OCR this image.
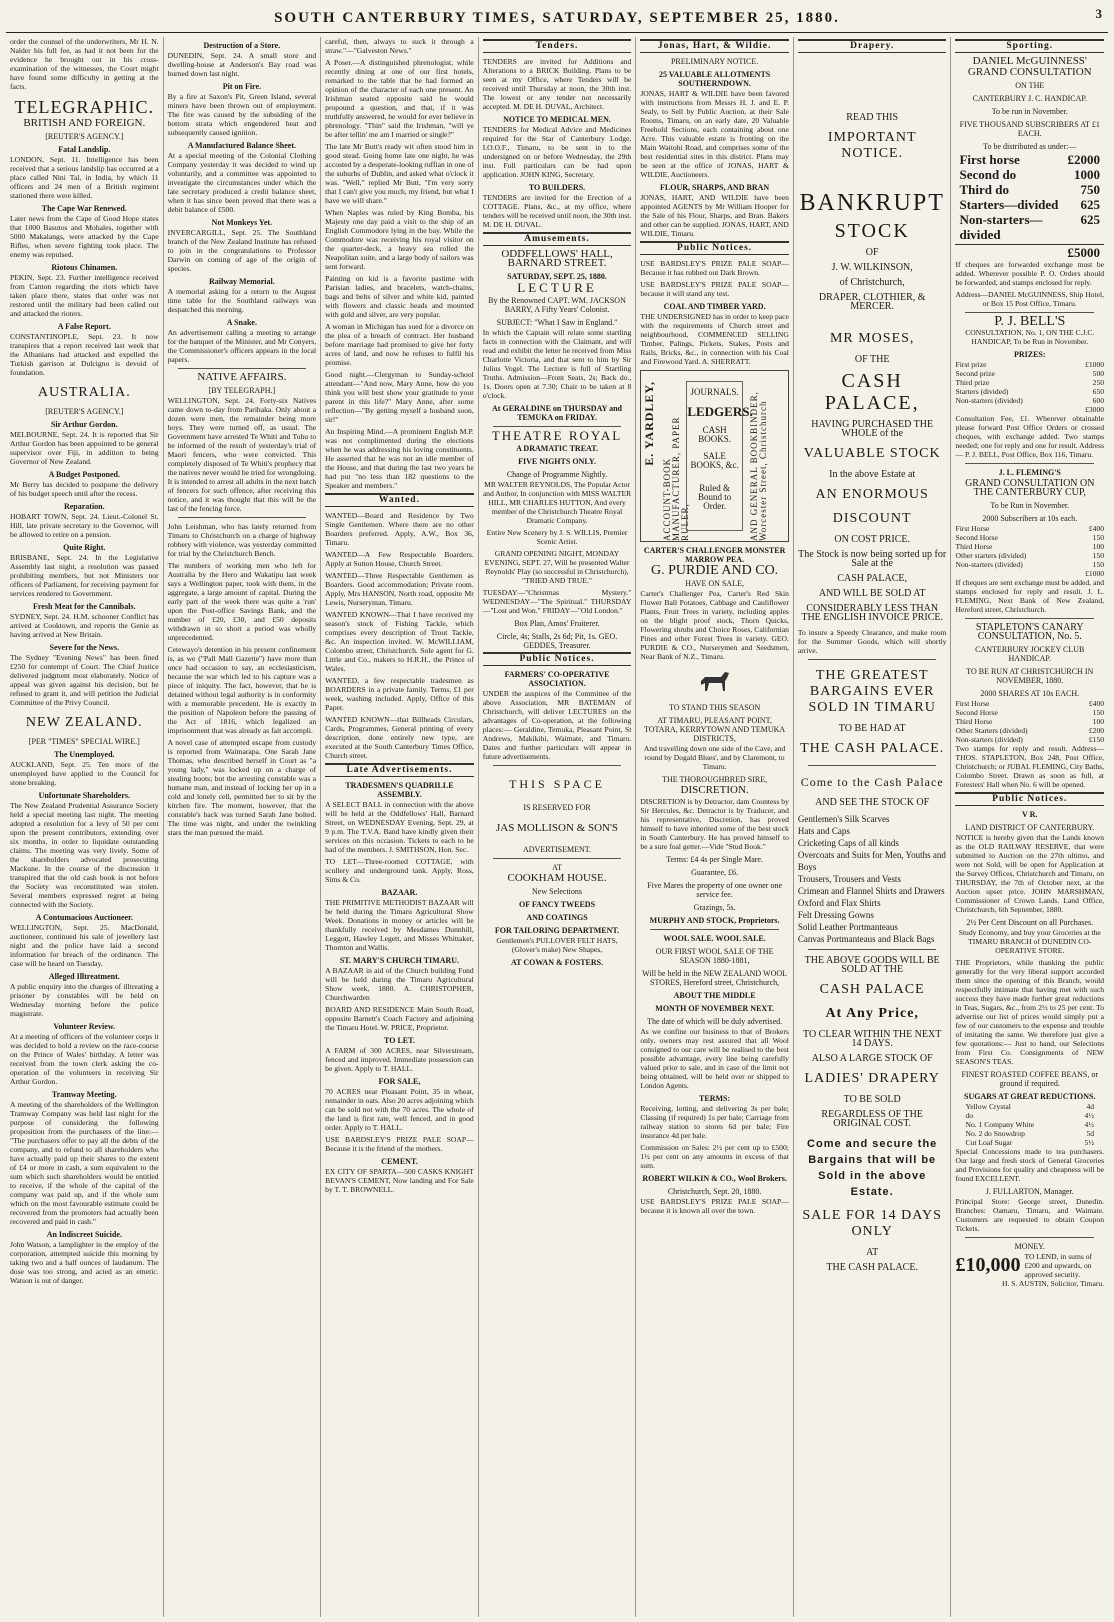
SOUTH CANTERBURY TIMES, SATURDAY, SEPTEMBER 25, 1880.	3

order the counsel of the underwriters, Mr H. N. Nalder his full fee, as had it not been for the evidence he brought out in his cross-examination of the witnesses, the Court might have found some difficulty in getting at the facts.

TELEGRAPHIC.
BRITISH AND FOREIGN.
[REUTER'S AGENCY.]
Fatal Landslip.

LONDON, Sept. 11. Intelligence has been received that a serious landslip has occurred at a place called Nini Tal, in India, by which 11 officers and 24 men of a British regiment stationed there were killed.

The Cape War Renewed.

Later news from the Cape of Good Hope states that 1000 Basutos and Mohales, together with 5000 Makalangs, were attacked by the Cape Rifles, when severe fighting took place. The enemy was repulsed.

Riotous Chinamen.

PEKIN, Sept. 23. Further intelligence received from Canton regarding the riots which have taken place there, states that order was not restored until the military had been called out and attacked the rioters.

A False Report.

CONSTANTINOPLE, Sept. 23. It now transpires that a report received last week that the Albanians had attacked and expelled the Turkish garrison at Dulcigno is devoid of foundation.

AUSTRALIA.
[REUTER'S AGENCY.]
Sir Arthur Gordon.

MELBOURNE, Sept. 24. It is reported that Sir Arthur Gordon has been appointed to be general supervisor over Fiji, in addition to being Governor of New Zealand.

A Budget Postponed.

Mr Berry has decided to postpone the delivery of his budget speech until after the recess.

Reparation.

HOBART TOWN, Sept. 24. Lieut.-Colonel St. Hill, late private secretary to the Governor, will be allowed to retire on a pension.

Quite Right.

BRISBANE, Sept. 24. In the Legislative Assembly last night, a resolution was passed prohibiting members, but not Ministers nor officers of Parliament, for receiving payment for services rendered to Government.

Fresh Meat for the Cannibals.

SYDNEY, Sept. 24. H.M. schooner Conflict has arrived at Cooktown, and reports the Genie as having arrived at New Britain.

Severe for the News.

The Sydney "Evening News" has been fined £250 for contempt of Court. The Chief Justice delivered judgment most elaborately. Notice of appeal was given against his decision, but he refused to grant it, and will petition the Judicial Committee of the Privy Council.

NEW ZEALAND.
[PER "TIMES" SPECIAL WIRE.]
The Unemployed.

AUCKLAND, Sept. 25. Ten more of the unemployed have applied to the Council for stone breaking.

Unfortunate Shareholders.

The New Zealand Prudential Assurance Society held a special meeting last night. The meeting adopted a resolution for a levy of 50 per cent upon the present contributors, extending over six months, in order to liquidate outstanding claims. The meeting was very lively. Some of the shareholders advocated prosecuting Mackune. In the course of the discussion it transpired that the old cash book is not before the Society was reconstituted was stolen. Several members expressed regret at being connected with the Society.

A Contumacious Auctioneer.

WELLINGTON, Sept. 25. MacDonald, auctioneer, continued his sale of jewellery last night and the police have laid a second information for breach of the ordinance. The case will be heard on Tuesday.

Alleged Illtreatment.

A public enquiry into the charges of illtreating a prisoner by constables will be held on Wednesday morning before the police magistrate.

Volunteer Review.

At a meeting of officers of the volunteer corps it was decided to hold a review on the race-course on the Prince of Wales' birthday. A letter was received from the town clerk asking the co-operation of the volunteers in receiving Sir Arthur Gordon.

Tramway Meeting.

A meeting of the shareholders of the Wellington Tramway Company was held last night for the purpose of considering the following proposition from the purchasers of the line:— "The purchasers offer to pay all the debts of the company, and to refund to all shareholders who have actually paid up their shares to the extent of £4 or more in cash, a sum equivalent to the sum which such shareholders would be entitled to receive, if the whole of the capital of the company was paid up, and if the whole sum which on the most favourable estimate could be recovered from the promoters had actually been recovered and paid in cash."

An Indiscreet Suicide.

John Watson, a lamplighter in the employ of the corporation, attempted suicide this morning by taking two and a half ounces of laudanum. The dose was too strong, and acted as an emetic. Watson is out of danger.

Destruction of a Store.

DUNEDIN, Sept. 24. A small store and dwelling-house at Anderson's Bay road was burned down last night.

Pit on Fire.

By a fire at Saxon's Pit, Green Island, several miners have been thrown out of employment. The fire was caused by the subsiding of the bottom strata which engendered heat and subsequently caused ignition.

A Manufactured Balance Sheet.

At a special meeting of the Colonial Clothing Company yesterday it was decided to wind up voluntarily, and a committee was appointed to investigate the circumstances under which the late secretary produced a credit balance sheet, when it has since been proved that there was a debit balance of £500.

Not Monkeys Yet.

INVERCARGILL, Sept. 25. The Southland branch of the New Zealand Institute has refused to join in the congratulations to Professor Darwin on coming of age of the origin of species.

Railway Memorial.

A memorial asking for a return to the August time table for the Southland railways was despatched this morning.

A Snake.

An advertisement calling a meeting to arrange for the banquet of the Minister, and Mr Conyers, the Commissioner's officers appears in the local papers.

NATIVE AFFAIRS.
[BY TELEGRAPH.]

WELLINGTON, Sept. 24. Forty-six Natives came down to-day from Parihaka. Only about a dozen were men, the remainder being more boys. They were turned off, as usual. The Government have arrested Te Whiti and Tohu to be informed of the result of yesterday's trial of Maori fencers, who were convicted. This completely disposed of Te Whiti's prophecy that the natives never would be tried for wrongdoing. It is intended to arrest all adults in the next batch of fencers for such offence, after receiving this notice, and it was thought that this will be the last of the fencing force.

John Leishman, who has lately returned from Timaru to Christchurch on a charge of highway robbery with violence, was yesterday committed for trial by the Christchurch Bench.

The numbers of working men who left for Australia by the Hero and Wakatipu last week says a Wellington paper, took with them, in the aggregate, a large amount of capital. During the early part of the week there was quite a 'run' upon the Post-office Savings Bank, and the number of £20, £30, and £50 deposits withdrawn in so short a period was wholly unprecedented.

Cetewayo's detention in his present confinement is, as we ("Pall Mall Gazette") have more than once had occasion to say, an ecclesiasticism, because the war which led to his capture was a piece of iniquity. The fact, however, that he is detained without legal authority is in conformity with a memorable precedent. He is exactly in the position of Napoleon before the passing of the Act of 1816, which legalized an imprisonment that was already as fait accompli.

A novel case of attempted escape from custody is reported from Waimarapa. One Sarah Jane Thomas, who described herself in Court as "a young lady," was locked up on a charge of stealing boots; but the arresting constable was a humane man, and instead of locking her up in a cold and lonely cell, permitted her to sit by the kitchen fire. The moment, however, that the constable's back was turned Sarah Jane bolted. The time was night, and under the twinkling stars the man pursued the maid.

careful, then, always to suck it through a straw."—"Galveston News."

A Poser.—A distinguished phrenologist, while recently dining at one of our first hotels, remarked to the table that he had formed an opinion of the character of each one present. An Irishman seated opposite said he would propound a question, and that, if it was truthfully answered, he would for ever believe in phrenology. "Thin" said the Irishman, "will ye be after tellin' me am I married or single?"

The late Mr Butt's ready wit often stood him in good stead. Going home late one night, he was accosted by a desperate-looking ruffian in one of the suburbs of Dublin, and asked what o'clock it was. "Well," replied Mr Butt, "I'm very sorry that I can't give you much, my friend, but what I have we will share."

When Naples was ruled by King Bomba, his Majesty one day paid a visit to the ship of an English Commodore lying in the bay. While the Commodore was receiving his royal visitor on the quarter-deck, a heavy sea rolled the Neapolitan suite, and a large body of sailors was sent forward.

Painting on kid is a favorite pastime with Parisian ladies, and bracelets, watch-chains, bags and belts of silver and white kid, painted with flowers and classic heads and mounted with gold and silver, are very popular.

A woman in Michigan has sued for a divorce on the plea of a breach of contract. Her husband before marriage had promised to give her forty acres of land, and now he refuses to fulfil his promise.

Good night.—Clergyman to Sunday-school attendant—"And now, Mary Anne, how do you think you will best show your gratitude to your parent in this life?" Mary Anne, after some reflection—"By getting myself a husband soon, sir!"

An Inspiring Mind.—A prominent English M.P. was not complimented during the elections when he was addressing his loving constituents. He asserted that he was not an idle member of the House, and that during the last two years he had put "no less than 182 questions to the Speaker and members."

Wanted.

WANTED—Board and Residence by Two Single Gentlemen. Where there are no other Boarders preferred. Apply, A.W., Box 36, Timaru.

WANTED—A Few Respectable Boarders. Apply at Sutton House, Church Street.

WANTED—Three Respectable Gentlemen as Boarders. Good accommodation; Private room. Apply, Mrs HANSON, North road, opposite Mr Lewis, Nurseryman, Timaru.

WANTED KNOWN—That I have received my season's stock of Fishing Tackle, which comprises every description of Trout Tackle, &c. An inspection invited. W. McWILLIAM, Colombo street, Christchurch. Sole agent for G. Little and Co., makers to H.R.H., the Prince of Wales.

WANTED, a few respectable tradesmen as BOARDERS in a private family. Terms, £1 per week, washing included. Apply, Office of this Paper.

WANTED KNOWN—that Billheads Circulars, Cards, Programmes, General printing of every description, done entirely new type, are executed at the South Canterbury Times Office, Church street.

Late Advertisements.
TRADESMEN'S QUADRILLE ASSEMBLY.

A SELECT BALL in connection with the above will be held at the Oddfellows' Hall, Barnard Street, on WEDNESDAY Evening, Sept. 29, at 9 p.m. The T.V.A. Band have kindly given their services on this occasion. Tickets to each to be had of the members. J. SMITHSON, Hon. Sec.

TO LET—Three-roomed COTTAGE, with scullery and underground tank. Apply, Ross, Sims & Co.

BAZAAR.

THE PRIMITIVE METHODIST BAZAAR will be held during the Timaru Agricultural Show Week. Donations in money or articles will be thankfully received by Mesdames Dunnhill, Leggott, Hawley Legett, and Misses Whittaker, Thornton and Wallis.

ST. MARY'S CHURCH TIMARU.

A BAZAAR in aid of the Church building Fund will be held during the Timaru Agricultural Show week, 1880. A. CHRISTOPHER, Churchwarden

BOARD AND RESIDENCE Main South Road, opposite Barnett's Coach Factory and adjoining the Timaru Hotel. W. PRICE, Proprietor.

TO LET.

A FARM of 300 ACRES, near Silverstream, fenced and improved. Immediate possession can be given. Apply to T. HALL.

FOR SALE,

70 ACRES near Pleasant Point, 35 in wheat, remainder in oats. Also 20 acres adjoining which can be sold not with the 70 acres. The whole of the land is first rate, well fenced, and in good order. Apply to T. HALL.

USE BARDSLEY'S PRIZE PALE SOAP—Because it is the friend of the mothers.

CEMENT.

EX CITY OF SPARTA—500 CASKS KNIGHT BEVAN'S CEMENT, Now landing and For Sale by T. T. BROWNELL.

Tenders.

TENDERS are invited for Additions and Alterations to a BRICK Building. Plans to be seen at my Office, where Tenders will be received until Thursday at noon, the 30th inst. The lowest or any tender not necessarily accepted. M. DE H. DUVAL, Architect.

NOTICE TO MEDICAL MEN.

TENDERS for Medical Advice and Medicines required for the Star of Canterbury Lodge, I.O.O.F., Timaru, to be sent in to the undersigned on or before Wednesday, the 29th inst. Full particulars can be had upon application. JOHN KING, Secretary.

TO BUILDERS.

TENDERS are invited for the Erection of a COTTAGE. Plans, &c., at my office, where tenders will be received until noon, the 30th inst. M. DE H. DUVAL.

Amusements.
ODDFELLOWS' HALL, BARNARD STREET.
SATURDAY, SEPT. 25, 1880.
LECTURE
By the Renowned CAPT. WM. JACKSON BARRY, A Fifty Years' Colonist.
SUBJECT: "What I Saw in England."

In which the Captain will relate some startling facts in connection with the Claimant, and will read and exhibit the letter he received from Miss Charlotte Victoria, and that sent to him by Sir Julius Vogel. The Lecture is full of Startling Truths. Admission—Front Seats, 2s; Back do., 1s. Doors open at 7.30; Chair to be taken at 8 o'clock.

At GERALDINE on THURSDAY and TEMUKA on FRIDAY.
THEATRE ROYAL
A DRAMATIC TREAT.
FIVE NIGHTS ONLY.
Change of Programme Nightly.

MR WALTER REYNOLDS, The Popular Actor and Author, In conjunction with MISS WALTER HILL, MR CHARLES HUTTON, And every member of the Christchurch Theatre Royal Dramatic Company.

Entire New Scenery by J. S. WILLIS, Premier Scenic Artist.

GRAND OPENING NIGHT, MONDAY EVENING, SEPT. 27, Will be presented Walter Reynolds' Play (so successful in Christchurch), "TRIED AND TRUE."

TUESDAY—"Christmas Mystery." WEDNESDAY—"The Spiritual." THURSDAY—"Lost and Won." FRIDAY—"Old London."

Box Plan, Amos' Fruiterer.
Circle, 4s; Stalls, 2s 6d; Pit, 1s. GEO. GEDDES, Treasurer.
Public Notices.
FARMERS' CO-OPERATIVE ASSOCIATION.

UNDER the auspices of the Committee of the above Association, MR BATEMAN of Christchurch, will deliver LECTURES on the advantages of Co-operation, at the following places:— Geraldine, Temuka, Pleasant Point, St Andrews, Makikihi, Waimate, and Timaru. Dates and further particulars will appear in future advertisements.

THIS SPACE
IS RESERVED FOR
JAS MOLLISON & SON'S
ADVERTISEMENT.
AT
COOKHAM HOUSE.
New Selections
OF FANCY TWEEDS
AND COATINGS
FOR TAILORING DEPARTMENT.

Gentlemen's PULLOVER FELT HATS, (Glover's make) New Shapes,

AT COWAN & FOSTERS.
Jonas, Hart, & Wildie.
PRELIMINARY NOTICE.
25 VALUABLE ALLOTMENTS SOUTHERNDOWN.

JONAS, HART & WILDIE have been favored with instructions from Messrs H. J. and E. P. Sealy, to Sell by Public Auction, at their Sale Rooms, Timaru, on an early date, 20 Valuable Freehold Sections, each containing about one Acre. This valuable estate is fronting on the Main Waitohi Road, and comprises some of the best residential sites in this district. Plans may be seen at the office of JONAS, HART & WILDIE, Auctioneers.

FLOUR, SHARPS, AND BRAN

JONAS, HART, AND WILDIE have been appointed AGENTS by Mr William Hooper for the Sale of his Flour, Sharps, and Bran. Bakers and other can be supplied. JONAS, HART, AND WILDIE, Timaru.

Public Notices.

USE BARDSLEY'S PRIZE PALE SOAP—Because it has rubbed out Dark Brown.

USE BARDSLEY'S PRIZE PALE SOAP—because it will stand any test.

COAL AND TIMBER YARD.

THE UNDERSIGNED has in order to keep pace with the requirements of Church street and neighbourhood, COMMENCED SELLING Timber, Palings, Pickets, Stakes, Posts and Rails, Bricks, &c., in connection with his Coal and Firewood Yard. A. SHERRATT.

E. YARDLEY,
ACCOUNT-BOOK MANUFACTURER, PAPER RULER,
JOURNALS.
LEDGERS.
CASH BOOKS.
SALE BOOKS, &c.
Ruled & Bound to Order.	AND GENERAL BOOKBINDER, Worcester Street, Christchurch
CARTER'S CHALLENGER MONSTER MARROW PEA.
G. PURDIE AND CO.
HAVE ON SALE,

Carter's Challenger Pea, Carter's Red Skin Flower Ball Potatoes, Cabbage and Cauliflower Plants, Fruit Trees in variety, including apples on the blight proof stock, Thorn Quicks, Flowering shrubs and Choice Roses, Californian Pines and other Forest Trees in variety. GEO. PURDIE & CO., Nurserymen and Seedsmen, Near Bank of N.Z., Timaru.

TO STAND THIS SEASON
AT TIMARU, PLEASANT POINT, TOTARA, KERRYTOWN AND TEMUKA DISTRICTS,

And travelling down one side of the Cave, and round by Dogald Blues', and by Claremont, to Timaru.

THE THOROUGHBRED SIRE,
DISCRETION.

DISCRETION is by Detractor, dam Countess by Sir Hercules, &c. Detractor is by Traducer, and his representative, Discretion, has proved himself to have inherited some of the best stock in South Canterbury. He has proved himself to be a sure foal getter.—Vide "Stud Book."

Terms: £4 4s per Single Mare.
Guarantee, £6.
Five Mares the property of one owner one service fee.
Grazings, 5s.
MURPHY AND STOCK, Proprietors.
WOOL SALE. WOOL SALE.
OUR FIRST WOOL SALE OF THE SEASON 1880-1881,
Will be held in the NEW ZEALAND WOOL STORES, Hereford street, Christchurch,
ABOUT THE MIDDLE
MONTH OF NOVEMBER NEXT.
The date of which will be duly advertised.

As we confine our business to that of Brokers only, owners may rest assured that all Wool consigned to our care will be realised to the best possible advantage, every line being carefully valued prior to sale, and in case of the limit not being obtained, will be held over or shipped to London Agents.

TERMS:

Receiving, lotting, and delivering 3s per bale; Classing (if required) 1s per bale; Carriage from railway station to stores 6d per bale; Fire insurance 4d per bale.

Commission on Sales: 2½ per cent up to £500; 1½ per cent on any amounts in excess of that sum.

ROBERT WILKIN & CO., Wool Brokers.
Christchurch, Sept. 20, 1880.

USE BARDSLEY'S PRIZE PALE SOAP—because it is known all over the town.

Drapery.
READ THIS
IMPORTANT NOTICE.
BANKRUPT
STOCK
OF
J. W. WILKINSON,
of Christchurch,
DRAPER, CLOTHIER, & MERCER.
MR MOSES,
OF THE
CASH PALACE,
HAVING PURCHASED THE WHOLE of the
VALUABLE STOCK
In the above Estate at
AN ENORMOUS
DISCOUNT
ON COST PRICE.
The Stock is now being sorted up for Sale at the
CASH PALACE,
AND WILL BE SOLD AT
CONSIDERABLY LESS THAN THE ENGLISH INVOICE PRICE.

To insure a Speedy Clearance, and make room for the Summer Goods, which will shortly arrive.

THE GREATEST BARGAINS EVER SOLD IN TIMARU
TO BE HAD AT
THE CASH PALACE.
Come to the Cash Palace
AND SEE THE STOCK OF
Gentlemen's Silk Scarves
Hats and Caps
Cricketing Caps of all kinds
Overcoats and Suits for Men, Youths and Boys
Trousers, Trousers and Vests
Crimean and Flannel Shirts and Drawers
Oxford and Flax Shirts
Felt Dressing Gowns
Solid Leather Portmanteaus
Canvas Portmanteaus and Black Bags
THE ABOVE GOODS WILL BE SOLD AT THE
CASH PALACE
At Any Price,
TO CLEAR WITHIN THE NEXT 14 DAYS.
ALSO A LARGE STOCK OF
LADIES' DRAPERY
TO BE SOLD
REGARDLESS OF THE ORIGINAL COST.
Come and secure the Bargains that will be Sold in the above Estate.
SALE FOR 14 DAYS ONLY
AT
THE CASH PALACE.
Sporting.
DANIEL McGUINNESS'
GRAND CONSULTATION
ON THE
CANTERBURY J. C. HANDICAP.
To be run in November.
FIVE THOUSAND SUBSCRIBERS AT £1 EACH.
To be distributed as under:—
First horse	£2000
Second do	1000
Third do	750
Starters—divided 625
Non-starters—divided
625
£5000

If cheques are forwarded exchange must be added. Wherever possible P. O. Orders should be forwarded, and stamps enclosed for reply.

Address—DANIEL McGUINNESS, Ship Hotel, or Box 15 Post Office, Timaru.

P. J. BELL'S

CONSULTATION, No. 1, ON THE C.J.C. HANDICAP, To be Run in November.

PRIZES:
First prize	£1000
Second prize	500
Third prize	250
Starters (divided)	650
Non-starters (divided)	600
£3000

Consultation Fee, £1. Wherever obtainable please forward Post Office Orders or crossed cheques, with exchange added. Two stamps needed; one for reply and one for result. Address— P. J. BELL, Post Office, Box 116, Timaru.

J. L. FLEMING'S
GRAND CONSULTATION ON THE CANTERBURY CUP,
To be Run in November.
2000 Subscribers at 10s each.
First Horse	£400
Second Horse	150
Third Horse	100
Other starters (divided)	150
Non-starters (divided)	150
£1000

If cheques are sent exchange must be added, and stamps enclosed for reply and result. J. L. FLEMING, Next Bank of New Zealand, Hereford street, Christchurch.

STAPLETON'S CANARY CONSULTATION, No. 5.
CANTERBURY JOCKEY CLUB HANDICAP.
TO BE RUN AT CHRISTCHURCH IN NOVEMBER, 1880.
2000 SHARES AT 10s EACH.
First Horse	£400
Second Horse	150
Third Horse	100
Other Starters (divided)	£200
Non-starters (divided)	£150

Two stamps for reply and result. Address— THOS. STAPLETON, Box 248, Post Office, Christchurch; or JUBAL FLEMING, City Baths, Colombo Street. Drawn as soon as full, at Foresters' Hall when No. 6 will be opened.

Public Notices.
V R.
LAND DISTRICT OF CANTERBURY.

NOTICE is hereby given that the Lands known as the OLD RAILWAY RESERVE, that were submitted to Auction on the 27th ultimo, and were not Sold, will be open for Application at the Survey Offices, Christchurch and Timaru, on THURSDAY, the 7th of October next, at the Auction upset price. JOHN MARSHMAN, Commissioner of Crown Lands. Land Office, Christchurch, 6th September, 1880.

2½ Per Cent Discount on all Purchases.

Study Economy, and buy your Groceries at the TIMARU BRANCH of DUNEDIN CO-OPERATIVE STORE.

THE Proprietors, while thanking the public generally for the very liberal support accorded them since the opening of this Branch, would respectfully intimate that having met with such success they have made further great reductions in Teas, Sugars, &c., from 2½ to 25 per cent. To advertise our list of prices would simply put a few of our customers to the expense and trouble of imitating the same. We therefore just give a few quotations:— Just to hand, our Selections from First Co. Consignments of NEW SEASON'S TEAS.

FINEST ROASTED COFFEE BEANS, or ground if required.
SUGARS AT GREAT REDUCTIONS.
Yellow Crystal	4d
do	4½
No. 1 Company White	4½
No. 2 do Snowdrop	5d
Cut Loaf Sugar	5½

Special Concessions made to tea purchasers. Our large and fresh stock of General Groceries and Provisions for quality and cheapness will be found EXCELLENT.

J. FULLARTON, Manager.

Principal Store: George street, Dunedin. Branches: Oamaru, Timaru, and Waimate. Customers are requested to obtain Coupon Tickets.

MONEY.
£10,000 TO LEND, in sums of £200 and upwards, on approved security.
H. S. AUSTIN, Solicitor, Timaru.
